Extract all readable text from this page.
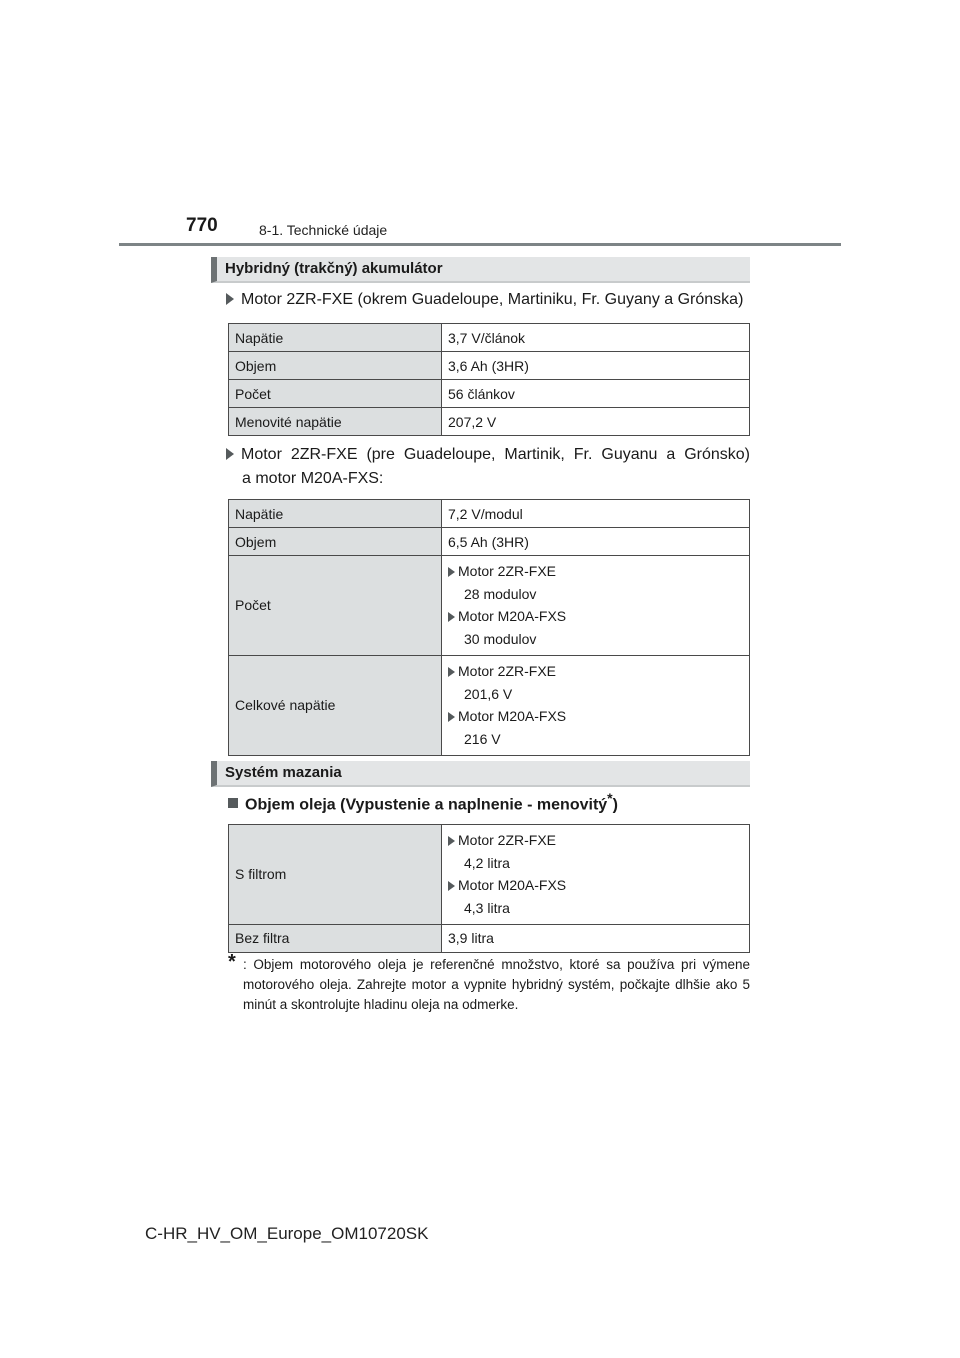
770	8-1. Technické údaje
Hybridný (trakčný) akumulátor
Motor 2ZR-FXE (okrem Guadeloupe, Martiniku, Fr. Guyany a Grónska)
Napätie	3,7 V/článok
Objem	3,6 Ah (3HR)
Počet	56 článkov
Menovité napätie	207,2 V
Motor 2ZR-FXE (pre Guadeloupe, Martinik, Fr. Guyanu a Grónsko)
a motor M20A-FXS:
Napätie	7,2 V/modul
Objem	6,5 Ah (3HR)
Počet	Motor 2ZR-FXE
28 modulov
Motor M20A-FXS
30 modulov

Celkové napätie	Motor 2ZR-FXE
201,6 V
Motor M20A-FXS
216 V
Systém mazania
Objem oleja (Vypustenie a naplnenie - menovitý*)
S filtrom	Motor 2ZR-FXE
4,2 litra
Motor M20A-FXS
4,3 litra

Bez filtra	3,9 litra
* : Objem motorového oleja je referenčné množstvo, ktoré sa používa pri výmene motorového oleja. Zahrejte motor a vypnite hybridný systém, počkajte dlhšie ako 5 minút a skontrolujte hladinu oleja na odmerke.
C-HR_HV_OM_Europe_OM10720SK
